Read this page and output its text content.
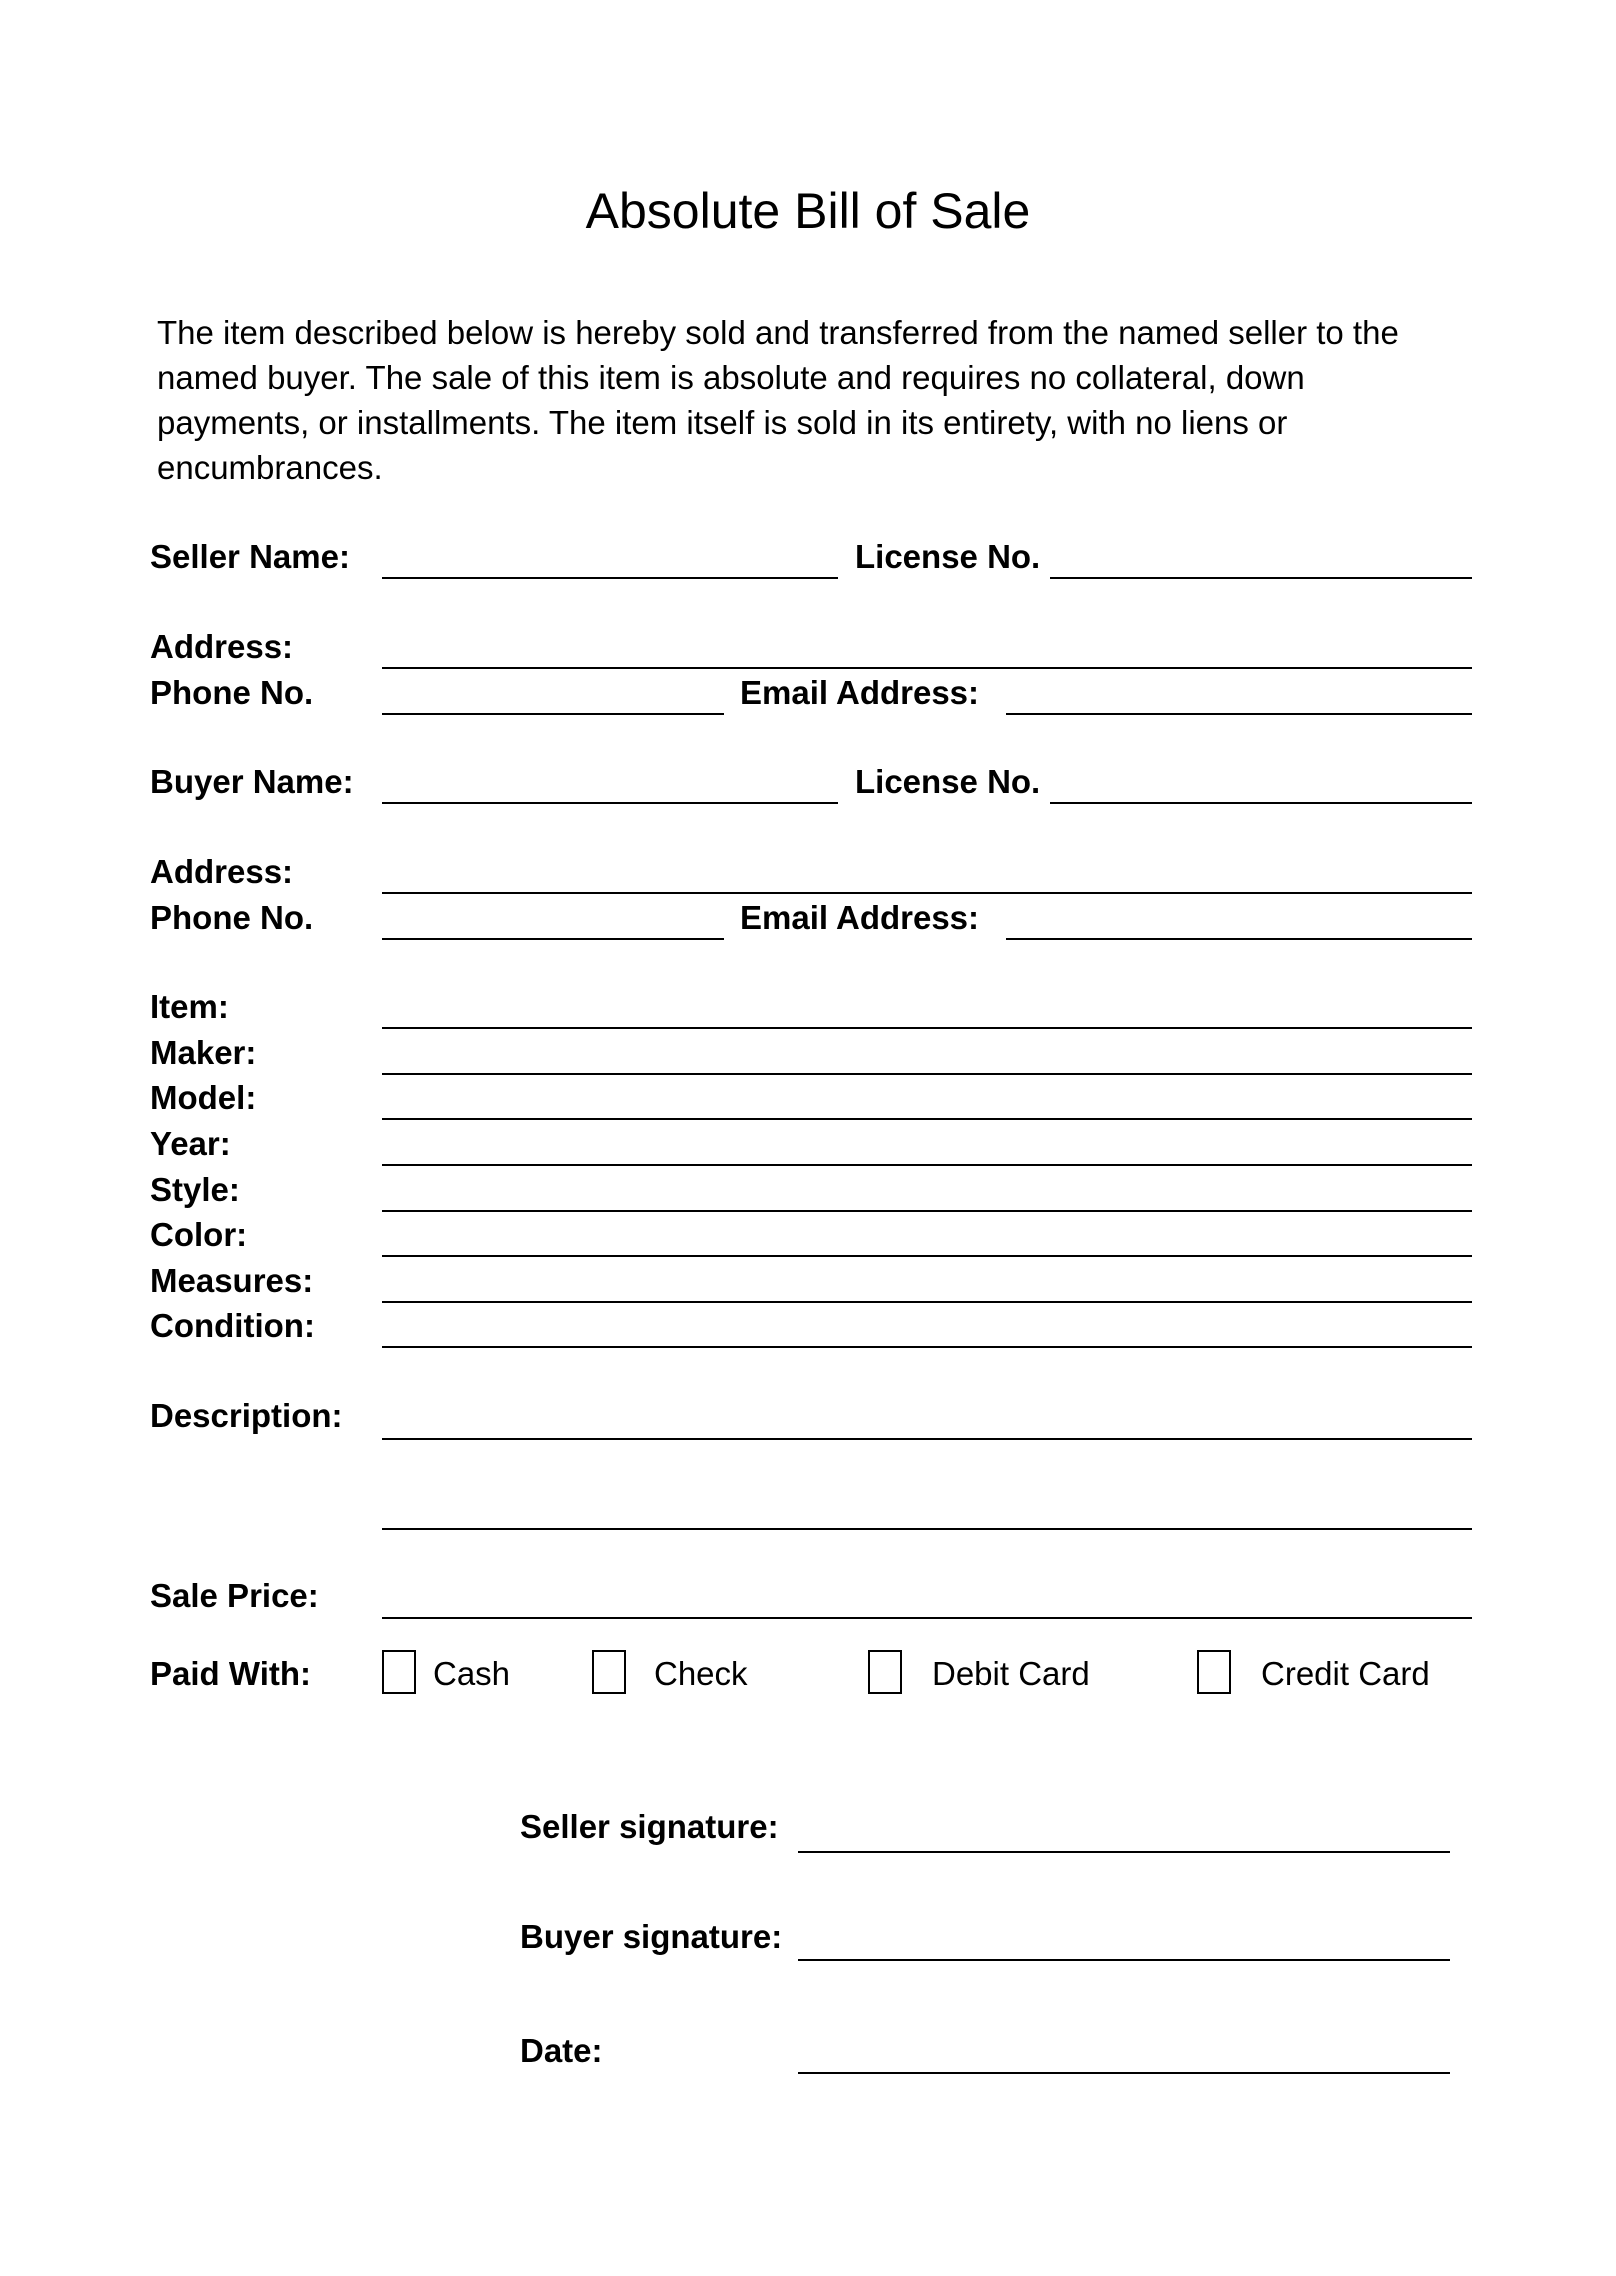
Absolute Bill of Sale
The item described below is hereby sold and transferred from the named seller to the named buyer. The sale of this item is absolute and requires no collateral, down payments, or installments. The item itself is sold in its entirety, with no liens or encumbrances.
Seller Name:	License No.
Address:
Phone No.	Email Address:
Buyer Name:	License No.
Address:
Phone No.	Email Address:
Item:
Maker:
Model:
Year:
Style:
Color:
Measures:
Condition:
Description:
Sale Price:
Paid With:	Cash	Check	Debit Card	Credit Card
Seller signature:
Buyer signature:
Date:
